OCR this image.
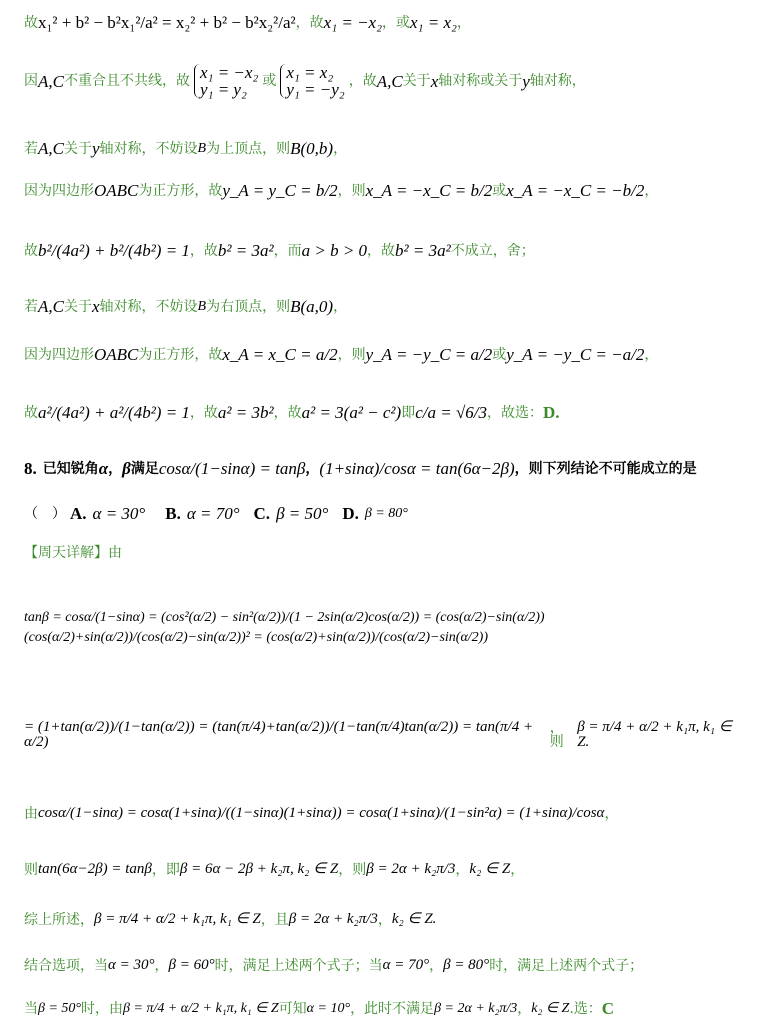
故 x₁² + b² − b²x₁²/a² = x₂² + b² − b²x₂²/a² ，故 x₁ = −x₂ ，或 x₁ = x₂ ，
因 A,C 不重合且不共线，故 x₁ = −x₂
y₁ = y₂	或 x₁ = x₂
y₁ = −y₂ ，故 A,C 关于 x 轴对称或关于 y 轴对称，
若 A,C 关于 y 轴对称，不妨设 B 为上顶点，则 B(0,b) ，
因为四边形 OABC 为正方形，故 y_A = y_C = b/2 ，则 x_A = −x_C = b/2 或 x_A = −x_C = −b/2 ，
故 b²/(4a²) + b²/(4b²) = 1 ，故 b² = 3a² ，而 a > b > 0 ，故 b² = 3a² 不成立，舍；
若 A,C 关于 x 轴对称，不妨设 B 为右顶点，则 B(a,0) ，
因为四边形 OABC 为正方形，故 x_A = x_C = a/2 ，则 y_A = −y_C = a/2 或 y_A = −y_C = −a/2 ，
故 a²/(4a²) + a²/(4b²) = 1 ，故 a² = 3b² ，故 a² = 3(a² − c²) 即 c/a = √6/3 ，故选： D.
8. 已知锐角 α ， β 满足 cosα/(1−sinα) = tanβ ， (1+sinα)/cosα = tan(6α−2β) ，则下列结论不可能成立的是
（　） A. α = 30° B. α = 70° C. β = 50° D. β = 80°
【周天详解】由
tanβ = cosα/(1−sinα) = (cos²(α/2) − sin²(α/2))/(1 − 2sin(α/2)cos(α/2)) = (cos(α/2)−sin(α/2))(cos(α/2)+sin(α/2))/(cos(α/2)−sin(α/2))² = (cos(α/2)+sin(α/2))/(cos(α/2)−sin(α/2))
= (1+tan(α/2))/(1−tan(α/2)) = (tan(π/4)+tan(α/2))/(1−tan(π/4)tan(α/2)) = tan(π/4 + α/2)
，则
β = π/4 + α/2 + k₁π, k₁ ∈ Z.
由 cosα/(1−sinα) = cosα(1+sinα)/((1−sinα)(1+sinα)) = cosα(1+sinα)/(1−sin²α) = (1+sinα)/cosα ，
则 tan(6α−2β) = tanβ ，即 β = 6α − 2β + k₂π, k₂ ∈ Z ，则 β = 2α + k₂π/3 ， k₂ ∈ Z ，
综上所述， β = π/4 + α/2 + k₁π, k₁ ∈ Z ，且 β = 2α + k₂π/3 ， k₂ ∈ Z.
结合选项，当 α = 30° ， β = 60° 时，满足上述两个式子；当 α = 70° ， β = 80° 时，满足上述两个式子；
当 β = 50° 时，由 β = π/4 + α/2 + k₁π, k₁ ∈ Z 可知 α = 10° ，此时不满足 β = 2α + k₂π/3 ， k₂ ∈ Z .选： C
